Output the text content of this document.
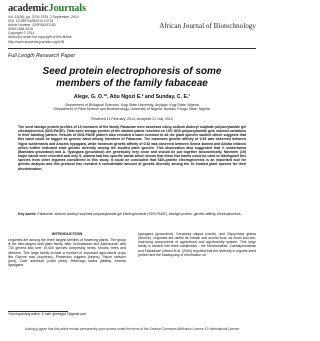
academicJournals
Vol. 13(36), pp. 3700-3705, 3 September, 2014
DOI: 10.5897/AJB2014.13715
Article Number: 430F9A347183
ISSN 1684-5315
Copyright © 2014
Author(s) retain the copyright of this article
http://www.academicjournals.org/AJB
African Journal of Biotechnology
Full Length Research Paper
Seed protein electrophoresis of some members of the family fabaceae
Alege, G. O.¹*, Abu Ngozi E.² and Sunday, C. E.¹
¹Department of Biological Sciences, Kogi State University, Anyigba, Kogi State, Nigeria.
²Department of Plant Science and Biotechnology, University of Nigeria, Nsukka, Enugu State, Nigeria.
Received 11 February, 2014; Accepted 21 July, 2014
The seed storage protein profiles of 10 members of the family Fabaceae were assessed using sodium dodecyl sulphate polyacrylamide gel electrophoresis (SDS-PAGE). Total seed storage protein of the studied plants resolved on 10% SDS polyacrylamide gels showed variations in their banding pattern. Results of SDS-PAGE pattern also revealed a band common to all the plant species studied which suggests that this band could be tagged as generic band among members of Fabaceae. The maximum genetic affinity of 0.93 was observed between Vigna subterranea and Arachis hypogaea, while minimum genetic affinity of 0.52 was observed between Senna siamea and Albizia lebbeck which further indicated wide genetic diversity among the studied plant species. This observation also suggested that V. subterranea (Bambara groundnut) and A. hypogaea (groundnut) are genetically very close and should be put together taxonomically. Nineteen (19) major bands were recorded and only S. siamea had two specific bands which shows that these two bands could be used to distinguish this species from other legumes considered in this study. It could be concluded that SDS-protein electrophoresis is an important tool for genetic analysis and this protocol has revealed a considerable amount of genetic diversity among the 10 studied plant species for their discrimination.
Key words: Fabaceae, sodium dodecyl sulphate polyacrylamide gel electrophoresis (SDS-PAGE), storage protein, genetic affinity, electrophoresis.
INTRODUCTION
Legumes are among the three largest families of flowering plants. The group is the third-largest land plant family, after Orchidaceae and Asteraceae, with 730 genera and over 19,400 species comprising herbs, shrubs, trees and climbers. This large family include a number of important agricultural crops like Glycine max (soybean), Phaseolus vulgaris (beans), Pisum sativum (pea), Cicer arietinum (chick peas), Medicago sativa (alfalfa), Arachis hypogaea
hypogaea (groundnut), Ceratonia siliqua (carob), and Glycyrrhiza glabra (licorice). Legumes are useful as human and animal food, as wood and soil-improving components of agricultural and agroforestry system. This large family is divided into three subfamilies - the Mimosoideae, Caesalpinioideae and Faboideae (Jewell et al. (2004) reported that the diversity in legume seed protein and the inadequacy of information on
*Corresponding author. E-mail: gbemiga17@gmail.com.
Author(s) agree that this article remain permanently open access under the terms of the Creative Commons Attribution License 4.0 International License
